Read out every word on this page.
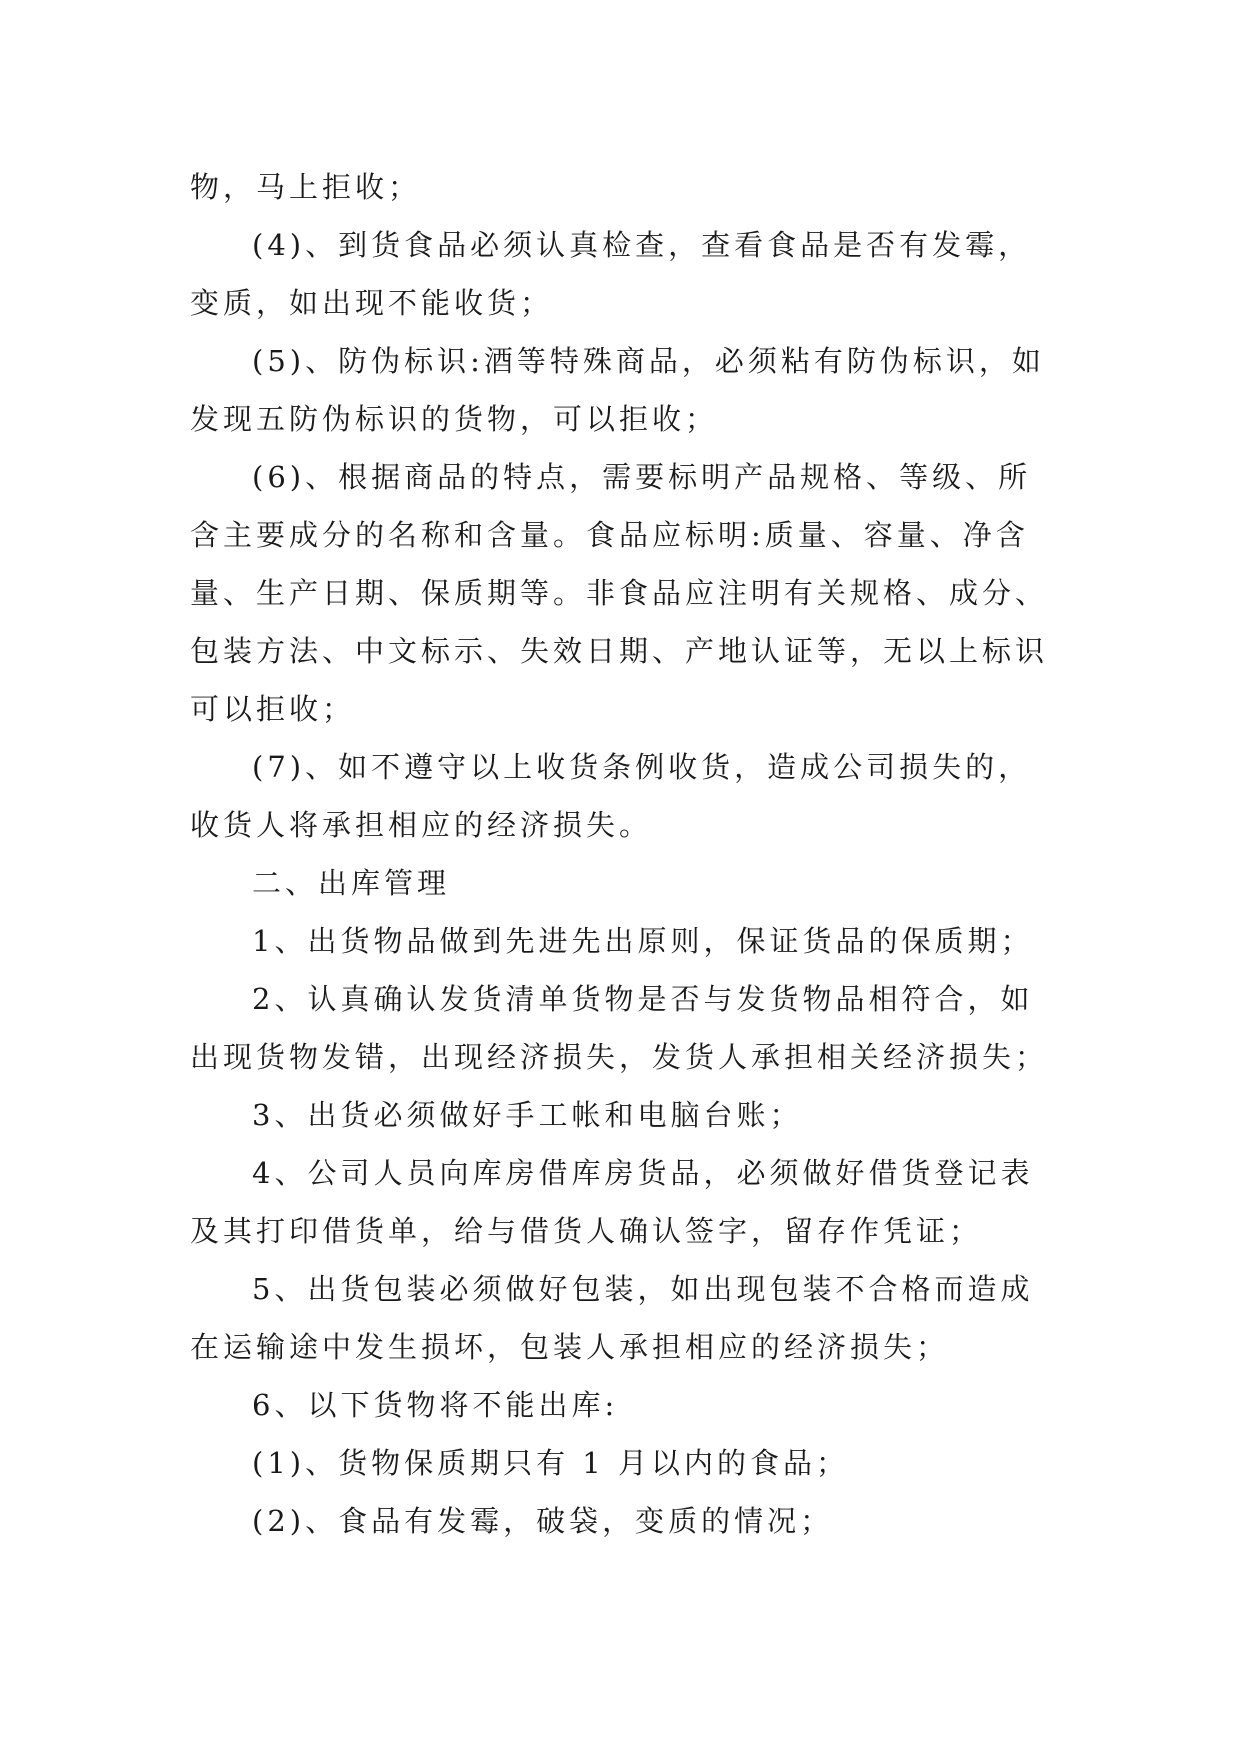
物，马上拒收；
(4)、到货食品必须认真检查，查看食品是否有发霉，
变质，如出现不能收货；
(5)、防伪标识:酒等特殊商品，必须粘有防伪标识，如
发现五防伪标识的货物，可以拒收；
(6)、根据商品的特点，需要标明产品规格、等级、所
含主要成分的名称和含量。食品应标明:质量、容量、净含
量、生产日期、保质期等。非食品应注明有关规格、成分、
包装方法、中文标示、失效日期、产地认证等，无以上标识
可以拒收；
(7)、如不遵守以上收货条例收货，造成公司损失的，
收货人将承担相应的经济损失。
二、出库管理
1、出货物品做到先进先出原则，保证货品的保质期；
2、认真确认发货清单货物是否与发货物品相符合，如
出现货物发错，出现经济损失，发货人承担相关经济损失；
3、出货必须做好手工帐和电脑台账；
4、公司人员向库房借库房货品，必须做好借货登记表
及其打印借货单，给与借货人确认签字，留存作凭证；
5、出货包装必须做好包装，如出现包装不合格而造成
在运输途中发生损坏，包装人承担相应的经济损失；
6、以下货物将不能出库:
(1)、货物保质期只有 1 月以内的食品；
(2)、食品有发霉，破袋，变质的情况；
